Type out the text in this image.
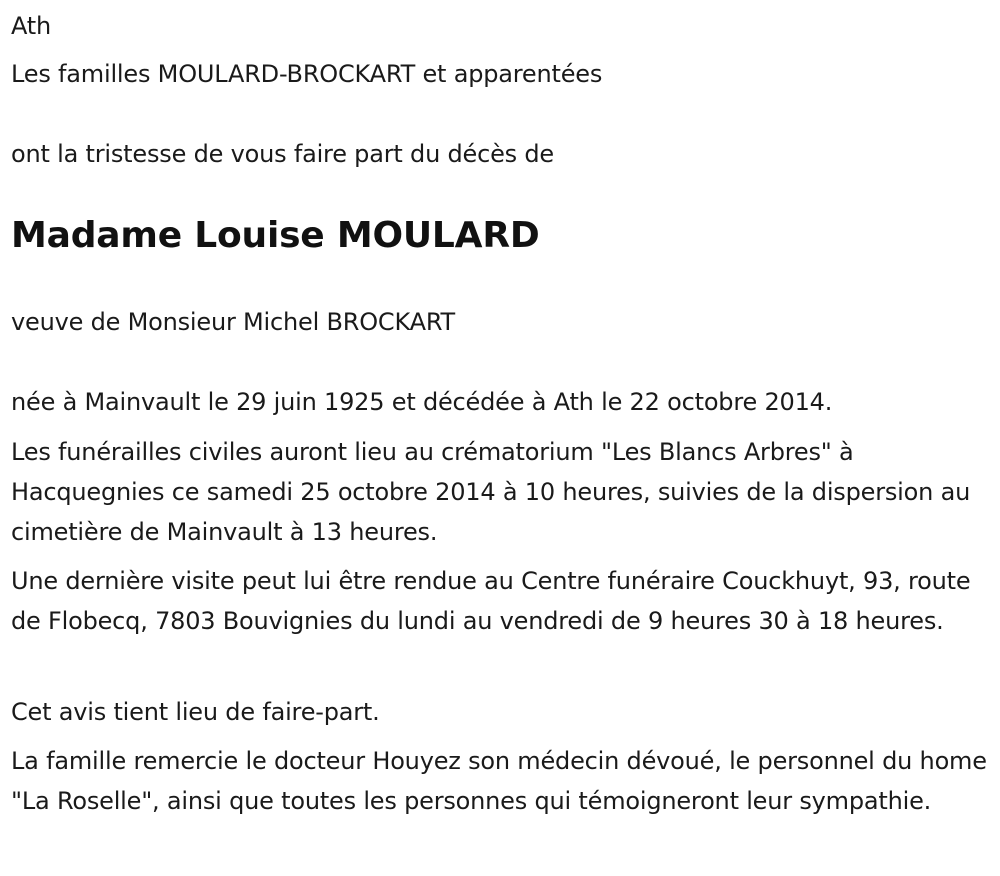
Ath

Les familles MOULARD-BROCKART et apparentées

ont la tristesse de vous faire part du décès de

Madame Louise MOULARD

veuve de Monsieur Michel BROCKART

née à Mainvault le 29 juin 1925 et décédée à Ath le 22 octobre 2014.

Les funérailles civiles auront lieu au crématorium "Les Blancs Arbres" à Hacquegnies ce samedi 25 octobre 2014 à 10 heures, suivies de la dispersion au cimetière de Mainvault à 13 heures.

Une dernière visite peut lui être rendue au Centre funéraire Couckhuyt, 93, route de Flobecq, 7803 Bouvignies du lundi au vendredi de 9 heures 30 à 18 heures.

Cet avis tient lieu de faire-part.

La famille remercie le docteur Houyez son médecin dévoué, le personnel du home "La Roselle", ainsi que toutes les personnes qui témoigneront leur sympathie.
